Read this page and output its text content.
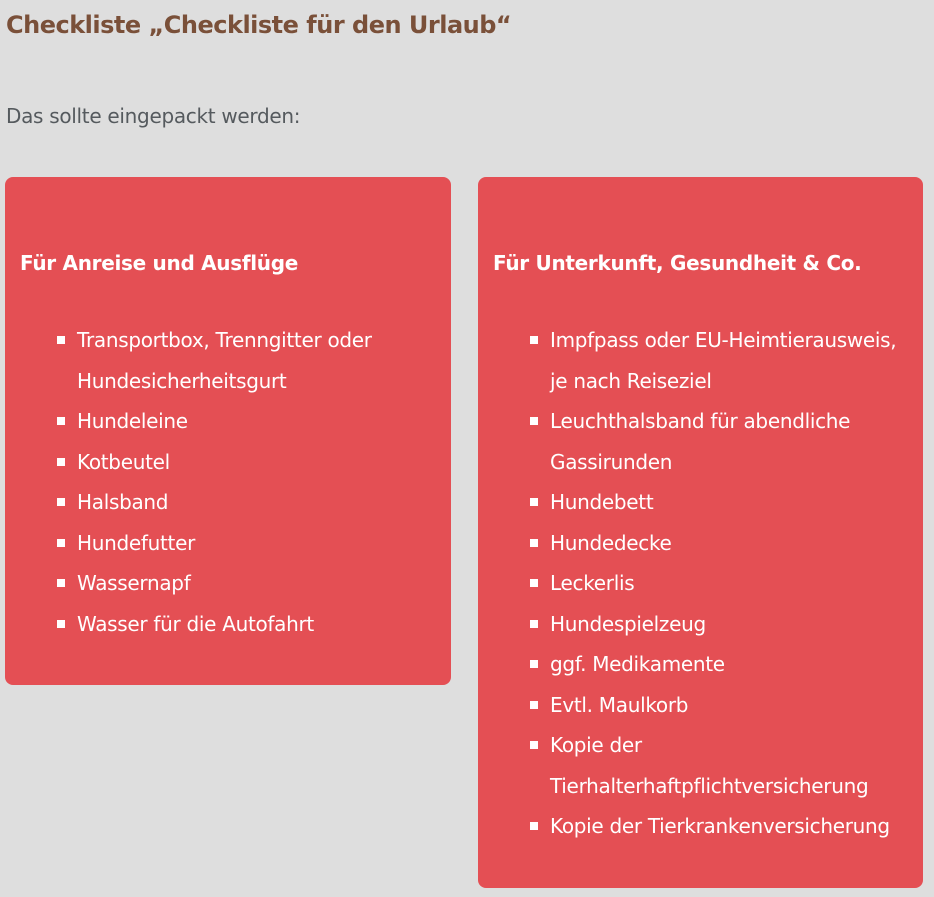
Checkliste „Checkliste für den Urlaub“

Das sollte eingepackt werden:

Für Anreise und Ausflüge
Transportbox, Trenngitter oder Hundesicherheitsgurt
Hundeleine
Kotbeutel
Halsband
Hundefutter
Wassernapf
Wasser für die Autofahrt
Für Unterkunft, Gesundheit & Co.
Impfpass oder EU-Heimtierausweis, je nach Reiseziel
Leuchthalsband für abendliche Gassirunden
Hundebett
Hundedecke
Leckerlis
Hundespielzeug
ggf. Medikamente
Evtl. Maulkorb
Kopie der Tierhalterhaftpflichtversicherung
Kopie der Tierkrankenversicherung
